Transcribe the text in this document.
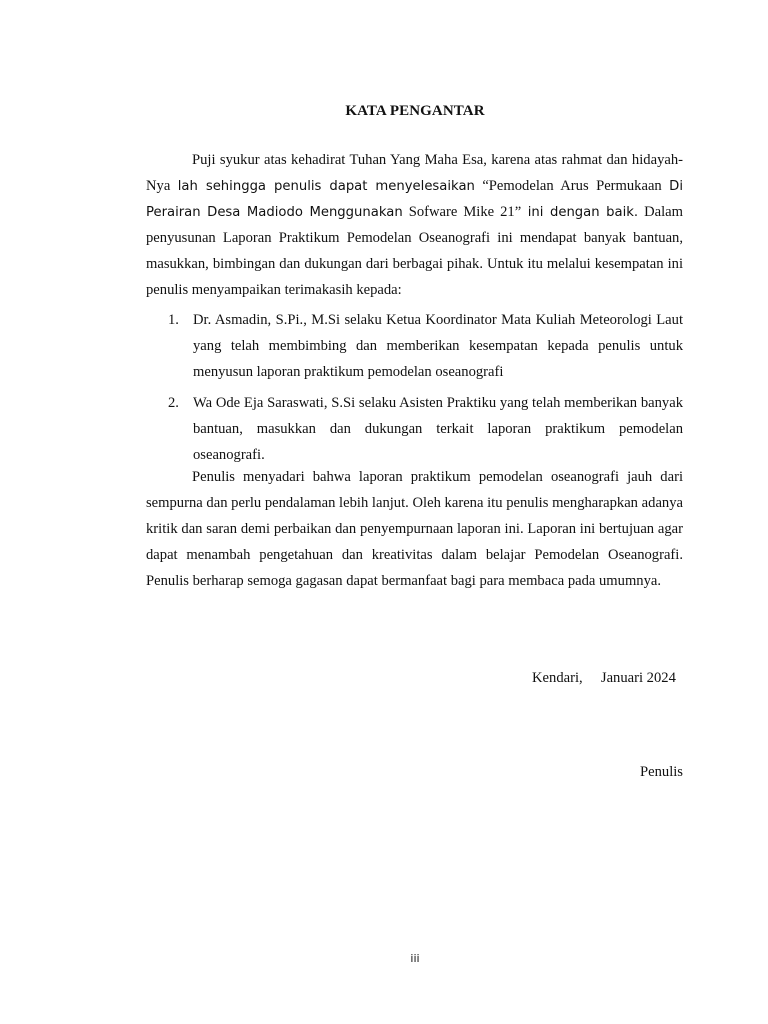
KATA PENGANTAR
Puji syukur atas kehadirat Tuhan Yang Maha Esa, karena atas rahmat dan hidayah-Nya lah sehingga penulis dapat menyelesaikan “Pemodelan Arus Permukaan Di Perairan Desa Madiodo Menggunakan Sofware Mike 21” ini dengan baik. Dalam penyusunan Laporan Praktikum Pemodelan Oseanografi ini mendapat banyak bantuan, masukkan, bimbingan dan dukungan dari berbagai pihak. Untuk itu melalui kesempatan ini penulis menyampaikan terimakasih kepada:
1. Dr. Asmadin, S.Pi., M.Si selaku Ketua Koordinator Mata Kuliah Meteorologi Laut yang telah membimbing dan memberikan kesempatan kepada penulis untuk menyusun laporan praktikum pemodelan oseanografi
2. Wa Ode Eja Saraswati, S.Si selaku Asisten Praktiku yang telah memberikan banyak bantuan, masukkan dan dukungan terkait laporan praktikum pemodelan oseanografi.
Penulis menyadari bahwa laporan praktikum pemodelan oseanografi jauh dari sempurna dan perlu pendalaman lebih lanjut. Oleh karena itu penulis mengharapkan adanya kritik dan saran demi perbaikan dan penyempurnaan laporan ini. Laporan ini bertujuan agar dapat menambah pengetahuan dan kreativitas dalam belajar Pemodelan Oseanografi. Penulis berharap semoga gagasan dapat bermanfaat bagi para membaca pada umumnya.
Kendari,     Januari 2024
Penulis
iii
